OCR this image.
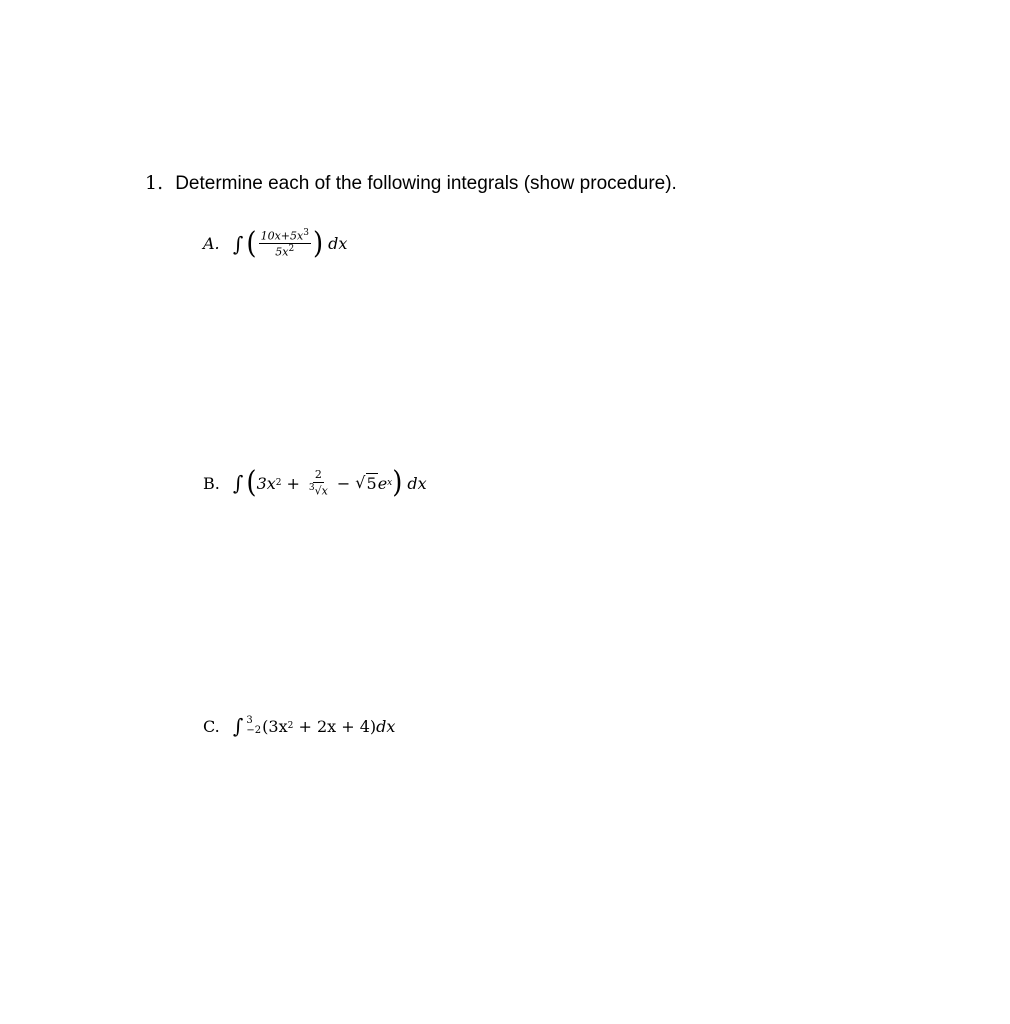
1. Determine each of the following integrals (show procedure).
A. ∫ ( $\frac{10x+5x^3}{5x^2}$ ) dx
B. ∫ ( 3x $2 + \frac{2}{^3√x}$ − √ 5 e x ) dx
C. ∫ 3
−2 (3x 2 + 2x + 4) dx
